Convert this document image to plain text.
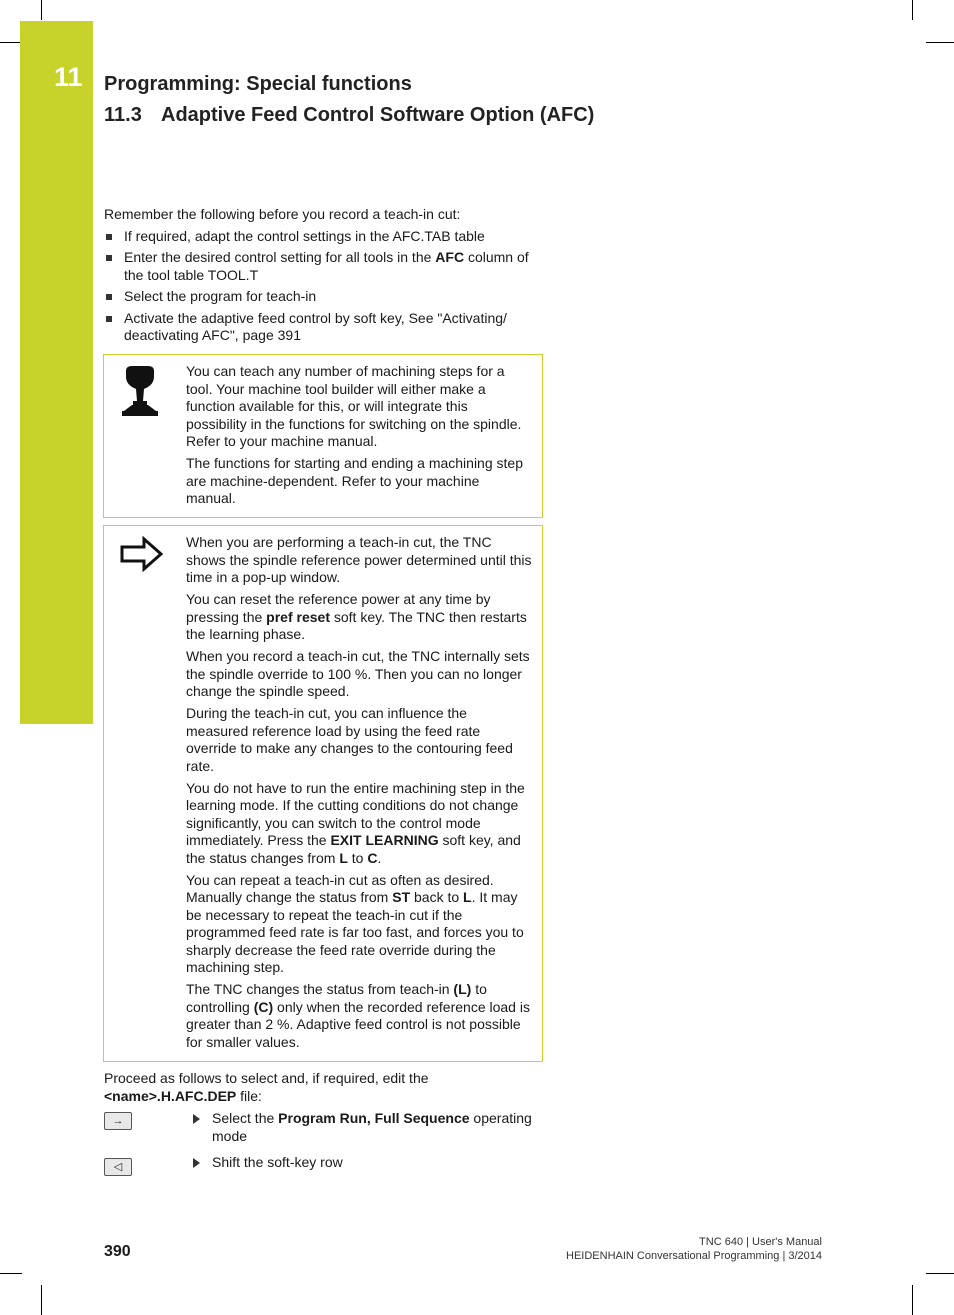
11 Programming: Special functions
11.3 Adaptive Feed Control Software Option (AFC)

Remember the following before you record a teach-in cut:

If required, adapt the control settings in the AFC.TAB table
Enter the desired control setting for all tools in the AFC column of the tool table TOOL.T
Select the program for teach-in
Activate the adaptive feed control by soft key, See "Activating/ deactivating AFC", page 391

You can teach any number of machining steps for a tool. Your machine tool builder will either make a function available for this, or will integrate this possibility in the functions for switching on the spindle. Refer to your machine manual.

The functions for starting and ending a machining step are machine-dependent. Refer to your machine manual.

When you are performing a teach-in cut, the TNC shows the spindle reference power determined until this time in a pop-up window.

You can reset the reference power at any time by pressing the pref reset soft key. The TNC then restarts the learning phase.

When you record a teach-in cut, the TNC internally sets the spindle override to 100 %. Then you can no longer change the spindle speed.

During the teach-in cut, you can influence the measured reference load by using the feed rate override to make any changes to the contouring feed rate.

You do not have to run the entire machining step in the learning mode. If the cutting conditions do not change significantly, you can switch to the control mode immediately. Press the EXIT LEARNING soft key, and the status changes from L to C.

You can repeat a teach-in cut as often as desired. Manually change the status from ST back to L. It may be necessary to repeat the teach-in cut if the programmed feed rate is far too fast, and forces you to sharply decrease the feed rate override during the machining step.

The TNC changes the status from teach-in (L) to controlling (C) only when the recorded reference load is greater than 2 %. Adaptive feed control is not possible for smaller values.

Proceed as follows to select and, if required, edit the <name>.H.AFC.DEP file:

→	Select the Program Run, Full Sequence operating mode
◁	Shift the soft-key row
390
TNC 640 | User's Manual
HEIDENHAIN Conversational Programming | 3/2014
